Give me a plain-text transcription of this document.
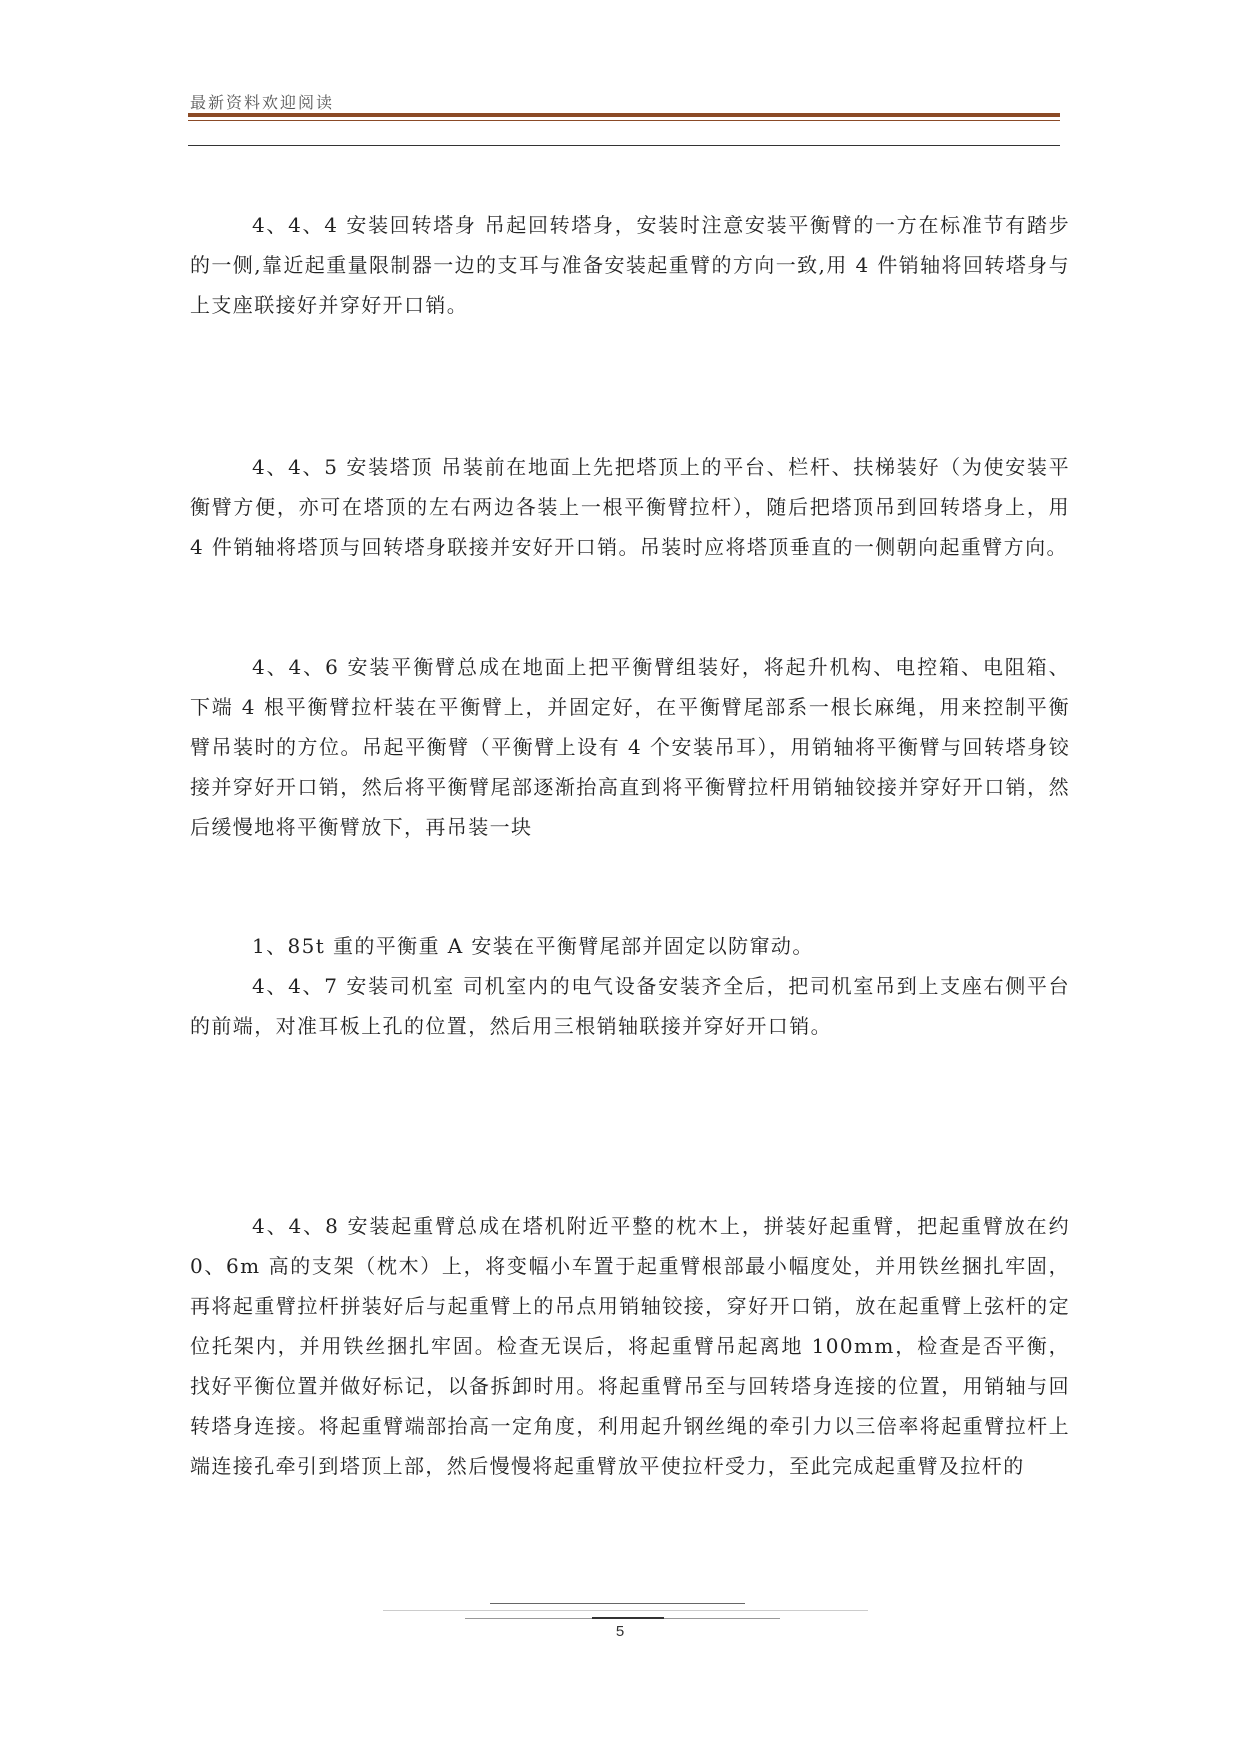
最新资料欢迎阅读

4、4、4 安装回转塔身 吊起回转塔身，安装时注意安装平衡臂的一方在标准节有踏步的一侧,靠近起重量限制器一边的支耳与准备安装起重臂的方向一致,用 4 件销轴将回转塔身与上支座联接好并穿好开口销。

4、4、5 安装塔顶 吊装前在地面上先把塔顶上的平台、栏杆、扶梯装好（为使安装平衡臂方便，亦可在塔顶的左右两边各装上一根平衡臂拉杆），随后把塔顶吊到回转塔身上，用 4 件销轴将塔顶与回转塔身联接并安好开口销。吊装时应将塔顶垂直的一侧朝向起重臂方向。

4、4、6 安装平衡臂总成在地面上把平衡臂组装好，将起升机构、电控箱、电阻箱、下端 4 根平衡臂拉杆装在平衡臂上，并固定好，在平衡臂尾部系一根长麻绳，用来控制平衡臂吊装时的方位。吊起平衡臂（平衡臂上设有 4 个安装吊耳），用销轴将平衡臂与回转塔身铰接并穿好开口销，然后将平衡臂尾部逐渐抬高直到将平衡臂拉杆用销轴铰接并穿好开口销，然后缓慢地将平衡臂放下，再吊装一块

1、85t 重的平衡重 A 安装在平衡臂尾部并固定以防窜动。

4、4、7 安装司机室 司机室内的电气设备安装齐全后，把司机室吊到上支座右侧平台的前端，对准耳板上孔的位置，然后用三根销轴联接并穿好开口销。

4、4、8 安装起重臂总成在塔机附近平整的枕木上，拼装好起重臂，把起重臂放在约 0、6m 高的支架（枕木）上，将变幅小车置于起重臂根部最小幅度处，并用铁丝捆扎牢固，再将起重臂拉杆拼装好后与起重臂上的吊点用销轴铰接，穿好开口销，放在起重臂上弦杆的定位托架内，并用铁丝捆扎牢固。检查无误后，将起重臂吊起离地 100mm，检查是否平衡，找好平衡位置并做好标记，以备拆卸时用。将起重臂吊至与回转塔身连接的位置，用销轴与回转塔身连接。将起重臂端部抬高一定角度，利用起升钢丝绳的牵引力以三倍率将起重臂拉杆上端连接孔牵引到塔顶上部，然后慢慢将起重臂放平使拉杆受力，至此完成起重臂及拉杆的

5
